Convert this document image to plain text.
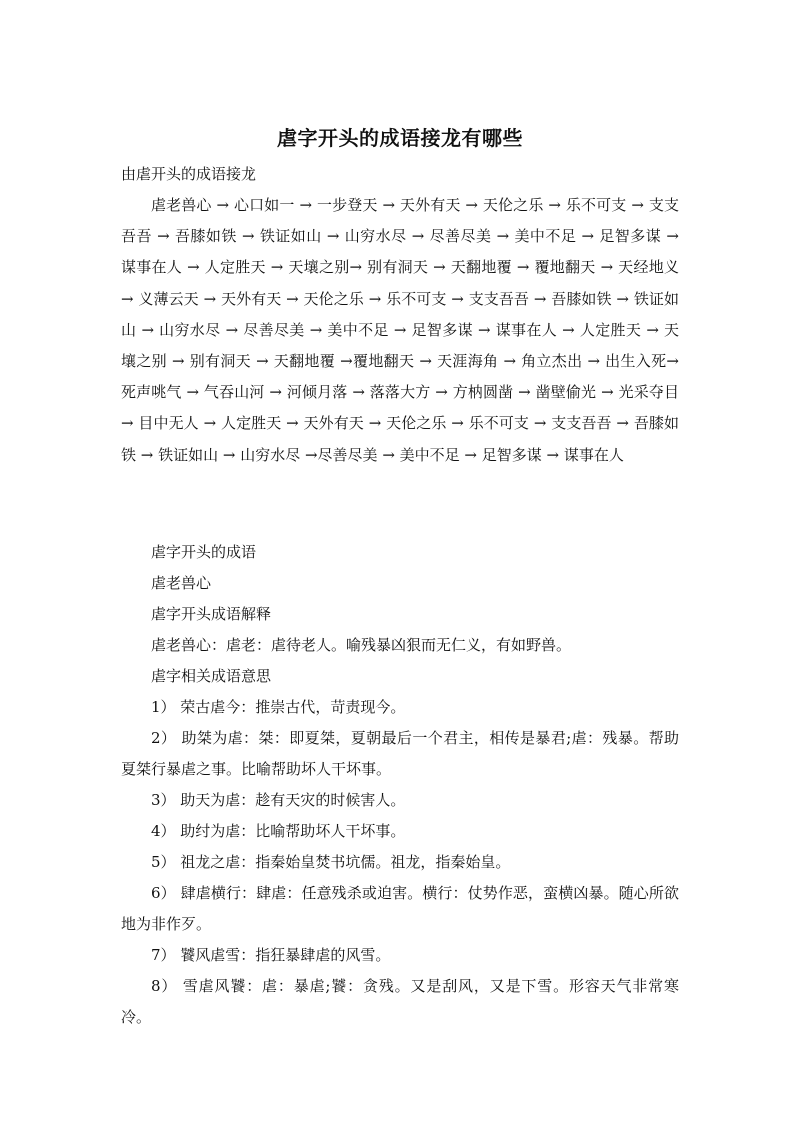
虐字开头的成语接龙有哪些

由虐开头的成语接龙

虐老兽心 → 心口如一 → 一步登天 → 天外有天 → 天伦之乐 → 乐不可支 → 支支吾吾 → 吾膝如铁 → 铁证如山 → 山穷水尽 → 尽善尽美 → 美中不足 → 足智多谋 → 谋事在人 → 人定胜天 → 天壤之别→ 别有洞天 → 天翻地覆 → 覆地翻天 → 天经地义 → 义薄云天 → 天外有天 → 天伦之乐 → 乐不可支 → 支支吾吾 → 吾膝如铁 → 铁证如山 → 山穷水尽 → 尽善尽美 → 美中不足 → 足智多谋 → 谋事在人 → 人定胜天 → 天壤之别 → 别有洞天 → 天翻地覆 →覆地翻天 → 天涯海角 → 角立杰出 → 出生入死→ 死声咷气 → 气吞山河 → 河倾月落 → 落落大方 → 方枘圆凿 → 凿壁偷光 → 光采夺目 → 目中无人 → 人定胜天 → 天外有天 → 天伦之乐 → 乐不可支 → 支支吾吾 → 吾膝如铁 → 铁证如山 → 山穷水尽 →尽善尽美 → 美中不足 → 足智多谋 → 谋事在人

虐字开头的成语

虐老兽心

虐字开头成语解释

虐老兽心：虐老：虐待老人。喻残暴凶狠而无仁义，有如野兽。

虐字相关成语意思

1） 荣古虐今：推崇古代，苛责现今。

2） 助桀为虐：桀：即夏桀，夏朝最后一个君主，相传是暴君;虐：残暴。帮助夏桀行暴虐之事。比喻帮助坏人干坏事。

3） 助天为虐：趁有天灾的时候害人。

4） 助纣为虐：比喻帮助坏人干坏事。

5） 祖龙之虐：指秦始皇焚书坑儒。祖龙，指秦始皇。

6） 肆虐横行：肆虐：任意残杀或迫害。横行：仗势作恶，蛮横凶暴。随心所欲地为非作歹。

7） 饕风虐雪：指狂暴肆虐的风雪。

8） 雪虐风饕：虐：暴虐;饕：贪残。又是刮风，又是下雪。形容天气非常寒冷。
